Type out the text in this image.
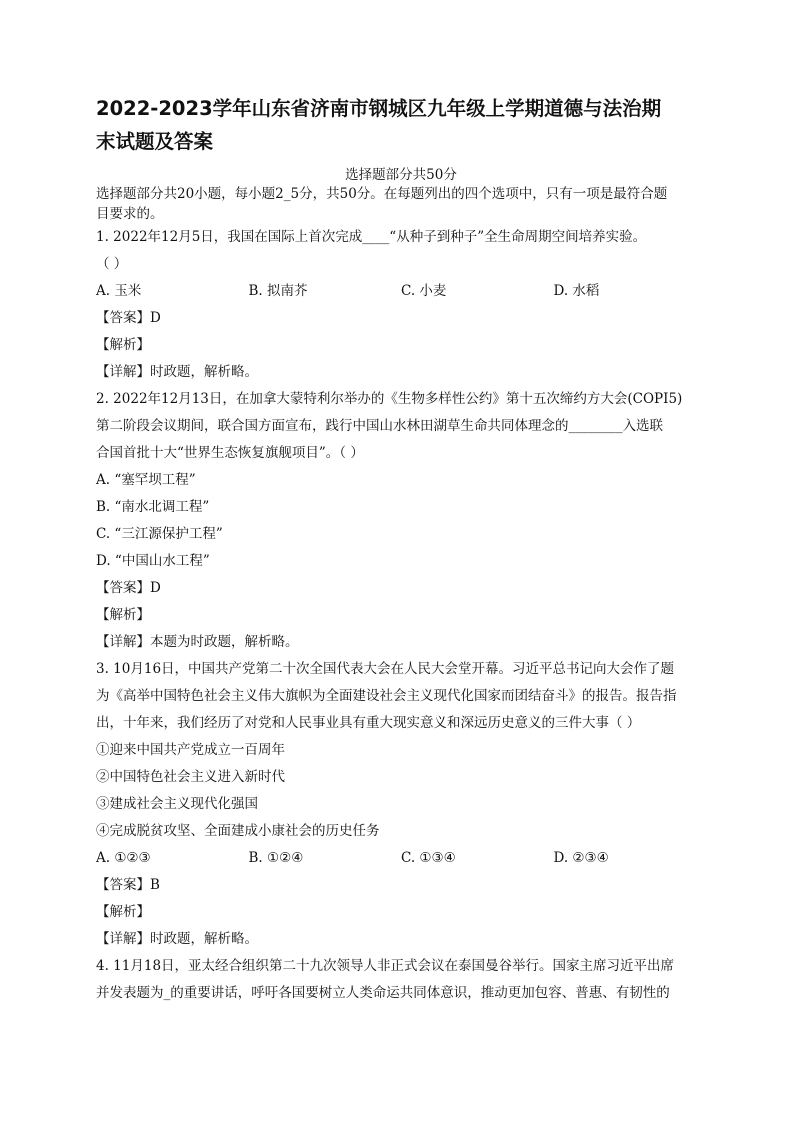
2022-2023学年山东省济南市钢城区九年级上学期道德与法治期
末试题及答案
选择题部分共50分
选择题部分共20小题，每小题2_5分，共50分。在每题列出的四个选项中，只有一项是最符合题
目要求的。
1. 2022年12月5日，我国在国际上首次完成____“从种子到种子”全生命周期空间培养实验。
（ ）
A. 玉米	B. 拟南芥	C. 小麦	D. 水稻
【答案】D
【解析】
【详解】时政题，解析略。
2. 2022年12月13日，在加拿大蒙特利尔举办的《生物多样性公约》第十五次缔约方大会(COPI5)
第二阶段会议期间，联合国方面宣布，践行中国山水林田湖草生命共同体理念的________入选联
合国首批十大“世界生态恢复旗舰项目”。（ ）
A. “塞罕坝工程”
B. “南水北调工程”
C. “三江源保护工程”
D. “中国山水工程”
【答案】D
【解析】
【详解】本题为时政题，解析略。
3. 10月16日，中国共产党第二十次全国代表大会在人民大会堂开幕。习近平总书记向大会作了题
为《高举中国特色社会主义伟大旗帜为全面建设社会主义现代化国家而团结奋斗》的报告。报告指
出，十年来，我们经历了对党和人民事业具有重大现实意义和深远历史意义的三件大事（ ）
①迎来中国共产党成立一百周年
②中国特色社会主义进入新时代
③建成社会主义现代化强国
④完成脱贫攻坚、全面建成小康社会的历史任务
A. ①②③	B. ①②④	C. ①③④	D. ②③④
【答案】B
【解析】
【详解】时政题，解析略。
4. 11月18日，亚太经合组织第二十九次领导人非正式会议在泰国曼谷举行。国家主席习近平出席
并发表题为_的重要讲话，呼吁各国要树立人类命运共同体意识，推动更加包容、普惠、有韧性的
